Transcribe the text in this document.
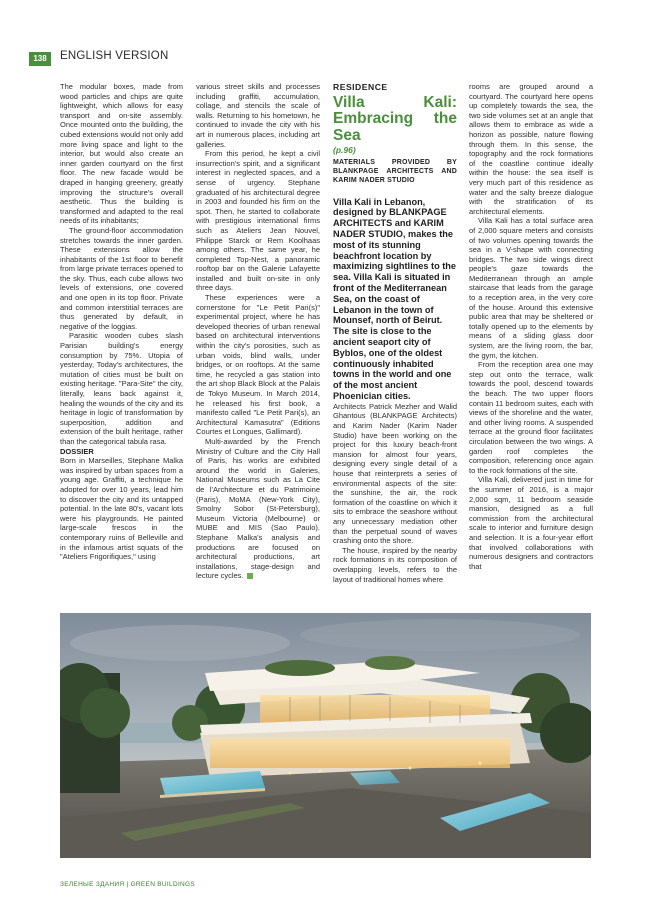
138	ENGLISH VERSION

The modular boxes, made from wood particles and chips are quite lightweight, which allows for easy transport and on-site assembly. Once mounted onto the building, the cubed extensions would not only add more living space and light to the interior, but would also create an inner garden courtyard on the first floor. The new facade would be draped in hanging greenery, greatly improving the structure's overall aesthetic. Thus the building is transformed and adapted to the real needs of its inhabitants;

The ground-floor accommodation stretches towards the inner garden. These extensions allow the inhabitants of the 1st floor to benefit from large private terraces opened to the sky. Thus, each cube allows two levels of extensions, one covered and one open in its top floor. Private and common interstitial terraces are thus generated by default, in negative of the loggias.

Parasitic wooden cubes slash Parisian building's energy consumption by 75%. Utopia of yesterday, Today's architectures, the mutation of cities must be built on existing heritage. "Para-Site" the city, literally, leans back against it, healing the wounds of the city and its heritage in logic of transformation by superposition, addition and extension of the built heritage, rather than the categorical tabula rasa.

DOSSIER

Born in Marseilles, Stephane Malka was inspired by urban spaces from a young age. Graffiti, a technique he adopted for over 10 years, lead him to discover the city and its untapped potential. In the late 80's, vacant lots were his playgrounds. He painted large-scale frescos in the contemporary ruins of Belleville and in the infamous artist squats of the "Ateliers Frigorifiques," using

various street skills and processes including graffiti, accumulation, collage, and stencils the scale of walls. Returning to his hometown, he continued to invade the city with his art in numerous places, including art galleries.

From this period, he kept a civil insurrection's spirit, and a significant interest in neglected spaces, and a sense of urgency. Stephane graduated of his architectural degree in 2003 and founded his firm on the spot. Then, he started to collaborate with prestigious international firms such as Ateliers Jean Nouvel, Philippe Starck or Rem Koolhaas among others. The same year, he completed Top-Nest, a panoramic rooftop bar on the Galerie Lafayette installed and built on-site in only three days.

These experiences were a cornerstone for "Le Petit Pari(s)" experimental project, where he has developed theories of urban renewal based on architectural interventions within the city's porosities, such as urban voids, blind walls, under bridges, or on rooftops. At the same time, he recycled a gas station into the art shop Black Block at the Palais de Tokyo Museum. In March 2014, he released his first book, a manifesto called "Le Petit Pari(s), an Architectural Kamasutra" (Editions Courtes et Longues, Gallimard).

Multi-awarded by the French Ministry of Culture and the City Hall of Paris, his works are exhibited around the world in Galeries, National Museums such as La Cite de l'Architecture et du Patrimoine (Paris), MoMA (New-York City), Smolny Sobor (St-Petersburg), Museum Victoria (Melbourne) or MUBE and MIS (Sao Paulo). Stephane Malka's analysis and productions are focused on architectural productions, art installations, stage-design and lecture cycles.

RESIDENCE
Villa Kali: Embracing the Sea
(p.96)
MATERIALS PROVIDED BY BLANKPAGE ARCHITECTS AND KARIM NADER STUDIO
Villa Kali in Lebanon, designed by BLANKPAGE ARCHITECTS and KARIM NADER STUDIO, makes the most of its stunning beachfront location by maximizing sightlines to the sea. Villa Kali is situated in front of the Mediterranean Sea, on the coast of Lebanon in the town of Mounsef, north of Beirut. The site is close to the ancient seaport city of Byblos, one of the oldest continuously inhabited towns in the world and one of the most ancient Phoenician cities.

Architects Patrick Mezher and Walid Ghantous (BLANKPAGE Architects) and Karim Nader (Karim Nader Studio) have been working on the project for this luxury beach-front mansion for almost four years, designing every single detail of a house that reinterprets a series of environmental aspects of the site: the sunshine, the air, the rock formation of the coastline on which it sits to embrace the seashore without any unnecessary mediation other than the perpetual sound of waves crashing onto the shore.

The house, inspired by the nearby rock formations in its composition of overlapping levels, refers to the layout of traditional homes where

rooms are grouped around a courtyard. The courtyard here opens up completely towards the sea, the two side volumes set at an angle that allows them to embrace as wide a horizon as possible, nature flowing through them. In this sense, the topography and the rock formations of the coastline continue ideally within the house: the sea itself is very much part of this residence as water and the salty breeze dialogue with the stratification of its architectural elements.

Villa Kali has a total surface area of 2,000 square meters and consists of two volumes opening towards the sea in a V-shape with connecting bridges. The two side wings direct people's gaze towards the Mediterranean through an ample staircase that leads from the garage to a reception area, in the very core of the house. Around this extensive public area that may be sheltered or totally opened up to the elements by means of a sliding glass door system, are the living room, the bar, the gym, the kitchen.

From the reception area one may step out onto the terrace, walk towards the pool, descend towards the beach. The two upper floors contain 11 bedroom suites, each with views of the shoreline and the water, and other living rooms. A suspended terrace at the ground floor facilitates circulation between the two wings. A garden roof completes the composition, referencing once again to the rock formations of the site.

Villa Kali, delivered just in time for the summer of 2016, is a major 2,000 sqm, 11 bedroom seaside mansion, designed as a full commission from the architectural scale to interior and furniture design and selection. It is a four-year effort that involved collaborations with numerous designers and contractors that

ЗЕЛЕНЫЕ ЗДАНИЯ | GREEN BUILDINGS
